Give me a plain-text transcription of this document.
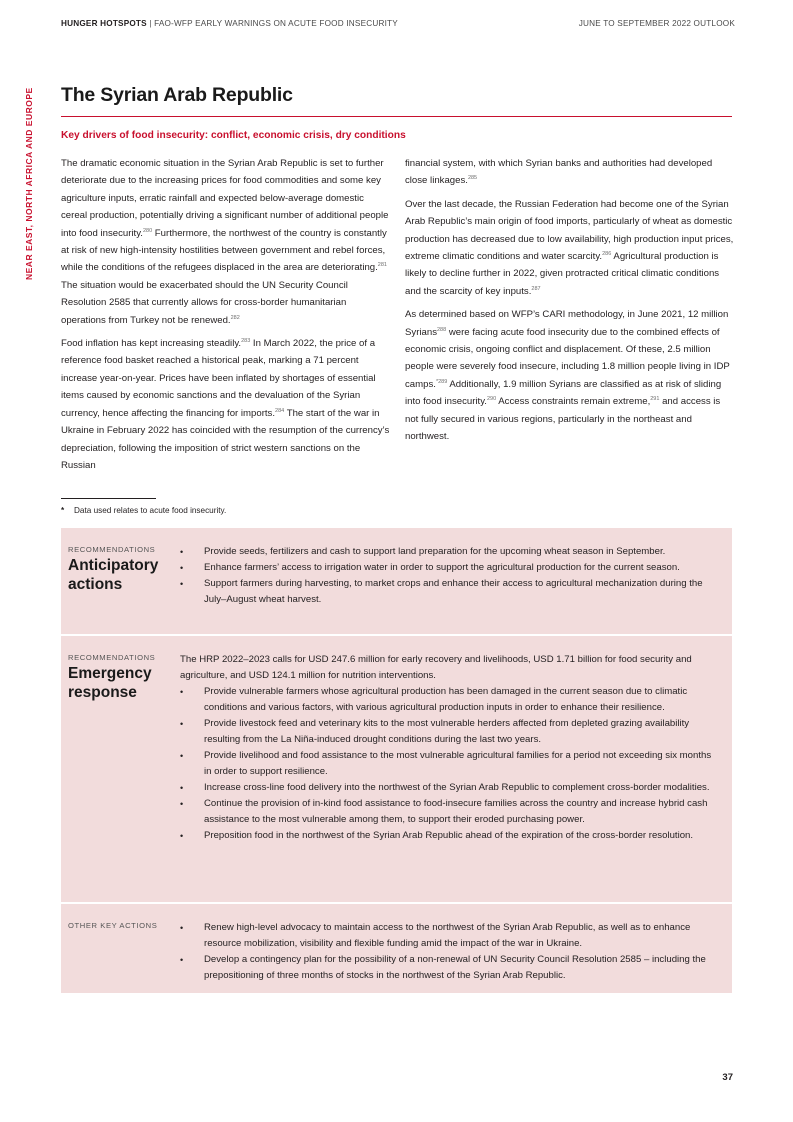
HUNGER HOTSPOTS | FAO-WFP EARLY WARNINGS ON ACUTE FOOD INSECURITY	JUNE TO SEPTEMBER 2022 OUTLOOK
NEAR EAST, NORTH AFRICA AND EUROPE The Syrian Arab Republic
Key drivers of food insecurity: conflict, economic crisis, dry conditions

The dramatic economic situation in the Syrian Arab Republic is set to further deteriorate due to the increasing prices for food commodities and some key agriculture inputs, erratic rainfall and expected below-average domestic cereal production, potentially driving a significant number of additional people into food insecurity.$^{280}$ Furthermore, the northwest of the country is constantly at risk of new high-intensity hostilities between government and rebel forces, while the conditions of the refugees displaced in the area are deteriorating.$^{281}$ The situation would be exacerbated should the UN Security Council Resolution 2585 that currently allows for cross-border humanitarian operations from Turkey not be renewed.$^{282}$

Food inflation has kept increasing steadily.$^{283}$ In March 2022, the price of a reference food basket reached a historical peak, marking a 71 percent increase year-on-year. Prices have been inflated by shortages of essential items caused by economic sanctions and the devaluation of the Syrian currency, hence affecting the financing for imports.$^{284}$ The start of the war in Ukraine in February 2022 has coincided with the resumption of the currency’s depreciation, following the imposition of strict western sanctions on the Russian

financial system, with which Syrian banks and authorities had developed close linkages.$^{285}$

Over the last decade, the Russian Federation had become one of the Syrian Arab Republic’s main origin of food imports, particularly of wheat as domestic production has decreased due to low availability, high production input prices, extreme climatic conditions and water scarcity.$^{286}$ Agricultural production is likely to decline further in 2022, given protracted critical climatic conditions and the scarcity of key inputs.$^{287}$

As determined based on WFP’s CARI methodology, in June 2021, 12 million Syrians$^{288}$ were facing acute food insecurity due to the combined effects of economic crisis, ongoing conflict and displacement. Of these, 2.5 million people were severely food insecure, including 1.8 million people living in IDP camps.$^{*289}$ Additionally, 1.9 million Syrians are classified as at risk of sliding into food insecurity.$^{290}$ Access constraints remain extreme,$^{291}$ and access is not fully secured in various regions, particularly in the northeast and northwest.

* Data used relates to acute food insecurity.
RECOMMENDATIONS
Anticipatory actions
• Provide seeds, fertilizers and cash to support land preparation for the upcoming wheat season in September.
• Enhance farmers’ access to irrigation water in order to support the agricultural production for the current season.
• Support farmers during harvesting, to market crops and enhance their access to agricultural mechanization during the July–August wheat harvest.
RECOMMENDATIONS
Emergency response

The HRP 2022–2023 calls for USD 247.6 million for early recovery and livelihoods, USD 1.71 billion for food security and agriculture, and USD 124.1 million for nutrition interventions.

• Provide vulnerable farmers whose agricultural production has been damaged in the current season due to climatic conditions and various factors, with various agricultural production inputs in order to enhance their resilience.
• Provide livestock feed and veterinary kits to the most vulnerable herders affected from depleted grazing availability resulting from the La Niña-induced drought conditions during the last two years.
• Provide livelihood and food assistance to the most vulnerable agricultural families for a period not exceeding six months in order to support resilience.
• Increase cross-line food delivery into the northwest of the Syrian Arab Republic to complement cross-border modalities.
• Continue the provision of in-kind food assistance to food-insecure families across the country and increase hybrid cash assistance to the most vulnerable among them, to support their eroded purchasing power.
• Preposition food in the northwest of the Syrian Arab Republic ahead of the expiration of the cross-border resolution.
OTHER KEY ACTIONS
•	Renew high-level advocacy to maintain access to the northwest of the Syrian Arab Republic, as well as to enhance resource mobilization, visibility and flexible funding amid the impact of the war in Ukraine.
• Develop a contingency plan for the possibility of a non-renewal of UN Security Council Resolution 2585 – including the prepositioning of three months of stocks in the northwest of the Syrian Arab Republic.
37
